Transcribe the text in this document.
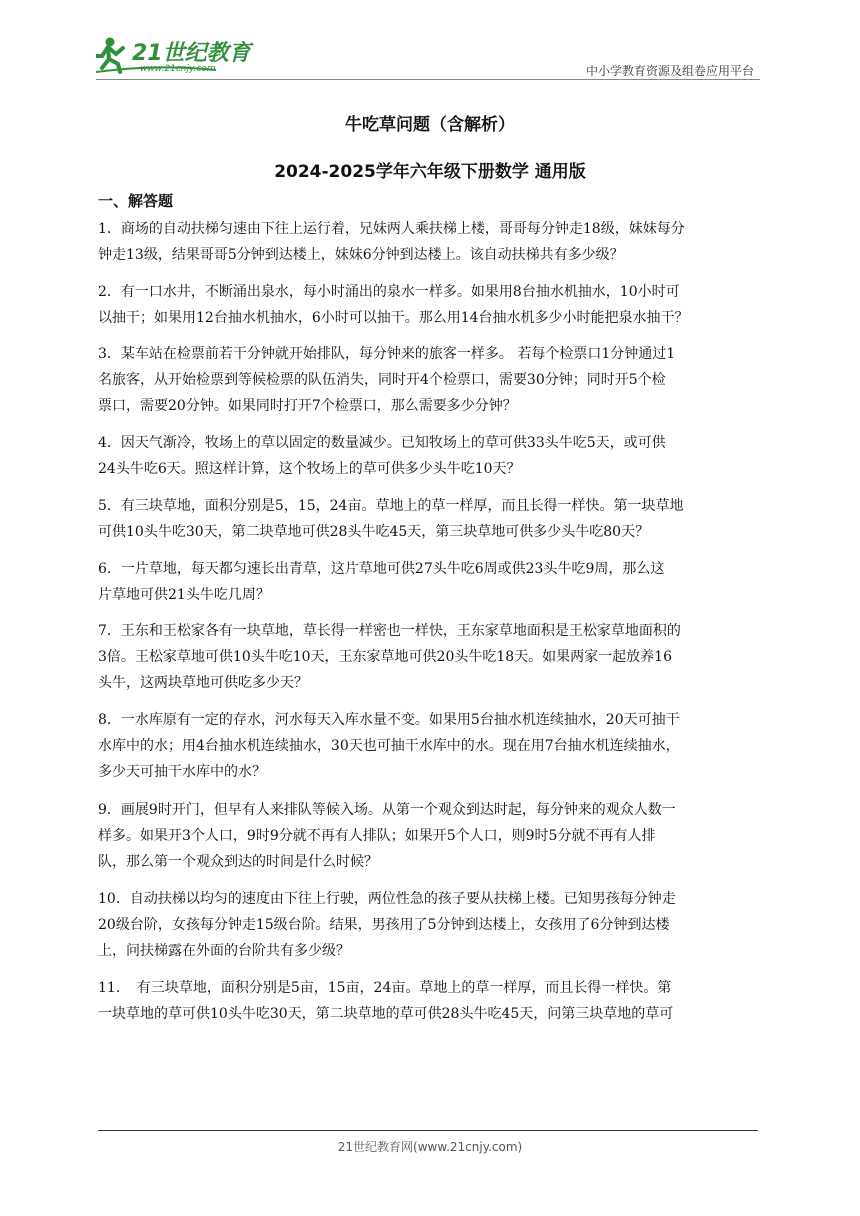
21世纪教育
www.21cnjy.com	中小学教育资源及组卷应用平台
牛吃草问题（含解析）
2024-2025学年六年级下册数学 通用版
一、解答题
1．商场的自动扶梯匀速由下往上运行着，兄妹两人乘扶梯上楼，哥哥每分钟走18级，妹妹每分
钟走13级，结果哥哥5分钟到达楼上，妹妹6分钟到达楼上。该自动扶梯共有多少级？
2．有一口水井，不断涌出泉水，每小时涌出的泉水一样多。如果用8台抽水机抽水，10小时可
以抽干；如果用12台抽水机抽水，6小时可以抽干。那么用14台抽水机多少小时能把泉水抽干？
3．某车站在检票前若干分钟就开始排队，每分钟来的旅客一样多。 若每个检票口1分钟通过1
名旅客，从开始检票到等候检票的队伍消失，同时开4个检票口，需要30分钟；同时开5个检
票口，需要20分钟。如果同时打开7个检票口，那么需要多少分钟？
4．因天气渐冷，牧场上的草以固定的数量减少。已知牧场上的草可供33头牛吃5天，或可供
24头牛吃6天。照这样计算，这个牧场上的草可供多少头牛吃10天？
5．有三块草地，面积分别是5，15，24亩。草地上的草一样厚，而且长得一样快。第一块草地
可供10头牛吃30天，第二块草地可供28头牛吃45天，第三块草地可供多少头牛吃80天？
6．一片草地，每天都匀速长出青草，这片草地可供27头牛吃6周或供23头牛吃9周，那么这
片草地可供21头牛吃几周？
7．王东和王松家各有一块草地，草长得一样密也一样快，王东家草地面积是王松家草地面积的
3倍。王松家草地可供10头牛吃10天，王东家草地可供20头牛吃18天。如果两家一起放养16
头牛，这两块草地可供吃多少天？
8．一水库原有一定的存水，河水每天入库水量不变。如果用5台抽水机连续抽水，20天可抽干
水库中的水；用4台抽水机连续抽水，30天也可抽干水库中的水。现在用7台抽水机连续抽水，
多少天可抽干水库中的水？
9．画展9时开门，但早有人来排队等候入场。从第一个观众到达时起，每分钟来的观众人数一
样多。如果开3个人口，9时9分就不再有人排队；如果开5个人口，则9时5分就不再有人排
队，那么第一个观众到达的时间是什么时候？
10．自动扶梯以均匀的速度由下往上行驶，两位性急的孩子要从扶梯上楼。已知男孩每分钟走
20级台阶，女孩每分钟走15级台阶。结果，男孩用了5分钟到达楼上，女孩用了6分钟到达楼
上，问扶梯露在外面的台阶共有多少级？
11．　有三块草地，面积分别是5亩，15亩，24亩。草地上的草一样厚，而且长得一样快。第
一块草地的草可供10头牛吃30天，第二块草地的草可供28头牛吃45天，问第三块草地的草可
21世纪教育网(www.21cnjy.com)
